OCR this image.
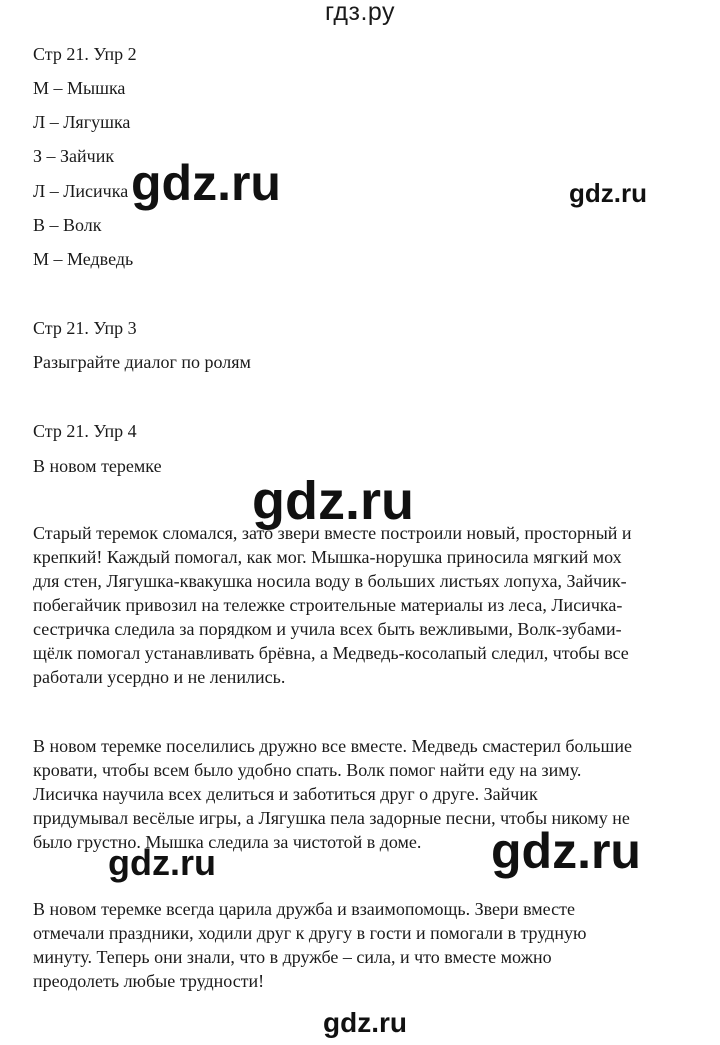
гдз.ру
Стр 21. Упр 2
М – Мышка
Л – Лягушка
З – Зайчик
Л – Лисичка
В – Волк
М – Медведь
Стр 21. Упр 3
Разыграйте диалог по ролям
Стр 21. Упр 4
В новом теремке
Старый теремок сломался, зато звери вместе построили новый, просторный и
крепкий! Каждый помогал, как мог. Мышка-норушка приносила мягкий мох
для стен, Лягушка-квакушка носила воду в больших листьях лопуха, Зайчик-
побегайчик привозил на тележке строительные материалы из леса, Лисичка-
сестричка следила за порядком и учила всех быть вежливыми, Волк-зубами-
щёлк помогал устанавливать брёвна, а Медведь-косолапый следил, чтобы все
работали усердно и не ленились.
В новом теремке поселились дружно все вместе. Медведь смастерил большие
кровати, чтобы всем было удобно спать. Волк помог найти еду на зиму.
Лисичка научила всех делиться и заботиться друг о друге. Зайчик
придумывал весёлые игры, а Лягушка пела задорные песни, чтобы никому не
было грустно. Мышка следила за чистотой в доме.
В новом теремке всегда царила дружба и взаимопомощь. Звери вместе
отмечали праздники, ходили друг к другу в гости и помогали в трудную
минуту. Теперь они знали, что в дружбе – сила, и что вместе можно
преодолеть любые трудности!
gdz.ru	gdz.ru
gdz.ru
gdz.ru	gdz.ru
gdz.ru
